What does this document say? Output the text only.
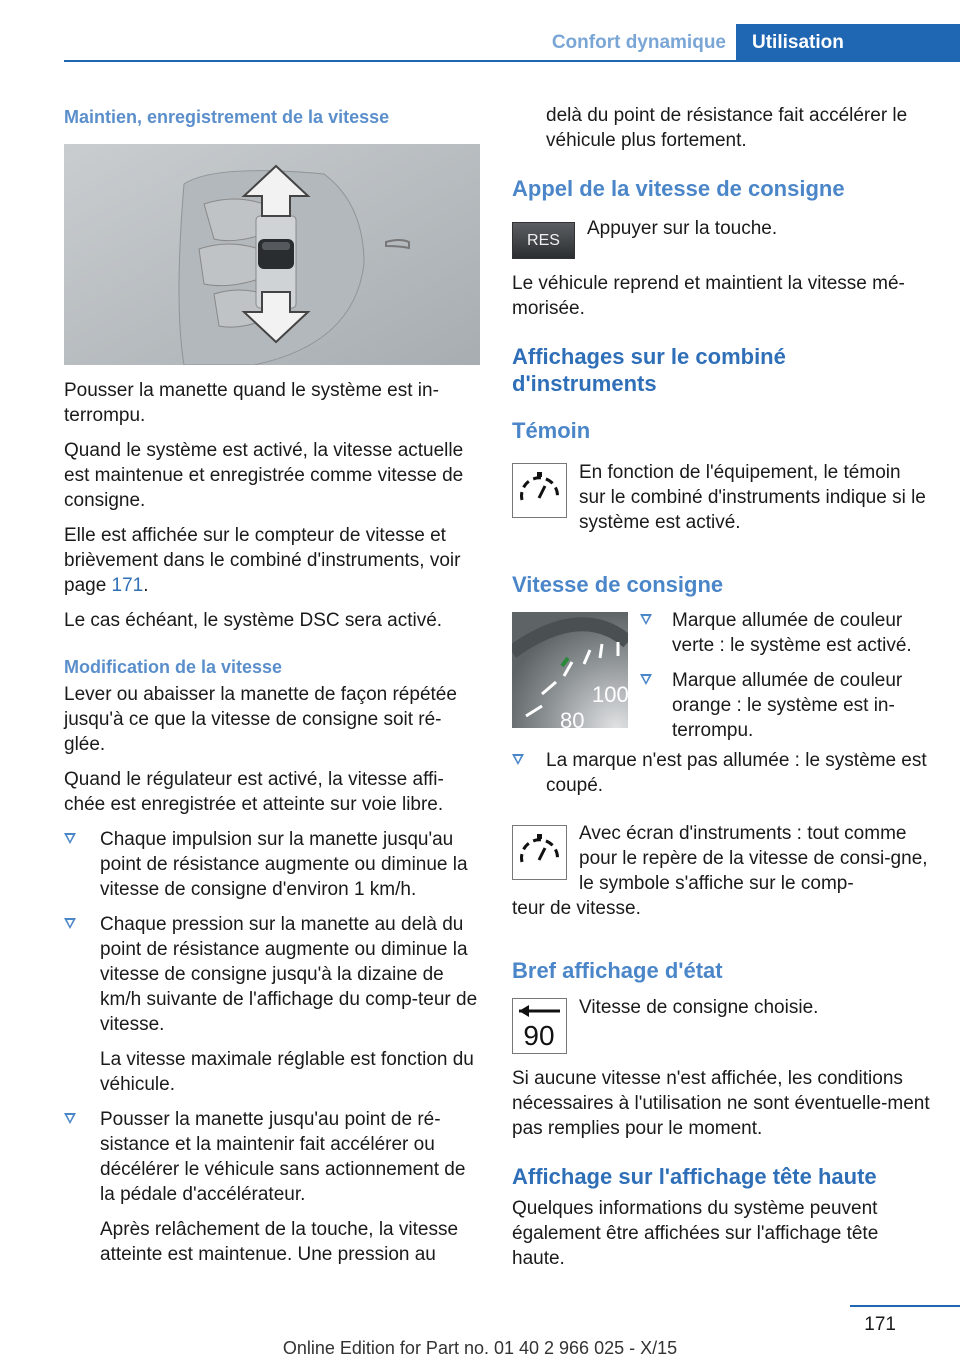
Confort dynamique	Utilisation

Maintien, enregistrement de la vitesse

Pousser la manette quand le système est in‐terrompu.

Quand le système est activé, la vitesse actuelle est maintenue et enregistrée comme vitesse de consigne.

Elle est affichée sur le compteur de vitesse et brièvement dans le combiné d'instruments, voir page 171.

Le cas échéant, le système DSC sera activé.

Modification de la vitesse

Lever ou abaisser la manette de façon répétée jusqu'à ce que la vitesse de consigne soit ré‐glée.

Quand le régulateur est activé, la vitesse affi‐chée est enregistrée et atteinte sur voie libre.

Chaque impulsion sur la manette jusqu'au point de résistance augmente ou diminue la vitesse de consigne d'environ 1 km/h.
Chaque pression sur la manette au delà du point de résistance augmente ou diminue la vitesse de consigne jusqu'à la dizaine de km/h suivante de l'affichage du comp‐teur de vitesse.

La vitesse maximale réglable est fonction du véhicule.

Pousser la manette jusqu'au point de ré‐sistance et la maintenir fait accélérer ou décélérer le véhicule sans actionnement de la pédale d'accélérateur.

Après relâchement de la touche, la vitesse atteinte est maintenue. Une pression au

delà du point de résistance fait accélérer le véhicule plus fortement.

Appel de la vitesse de consigne

RES
Appuyer sur la touche.

Le véhicule reprend et maintient la vitesse mé‐morisée.

Affichages sur le combiné d'instruments

Témoin

En fonction de l'équipement, le témoin sur le combiné d'instruments indique si le système est activé.

Vitesse de consigne

100
80
Marque allumée de couleur verte : le système est activé.
Marque allumée de couleur orange : le système est in‐terrompu.
La marque n'est pas allumée : le système est coupé.
Avec écran d'instruments : tout comme pour le repère de la vitesse de consi‐gne, le symbole s'affiche sur le comp‐
teur de vitesse.

Bref affichage d'état

90
Vitesse de consigne choisie.

Si aucune vitesse n'est affichée, les conditions nécessaires à l'utilisation ne sont éventuelle‐ment pas remplies pour le moment.

Affichage sur l'affichage tête haute

Quelques informations du système peuvent également être affichées sur l'affichage tête haute.

171
Online Edition for Part no. 01 40 2 966 025 - X/15
